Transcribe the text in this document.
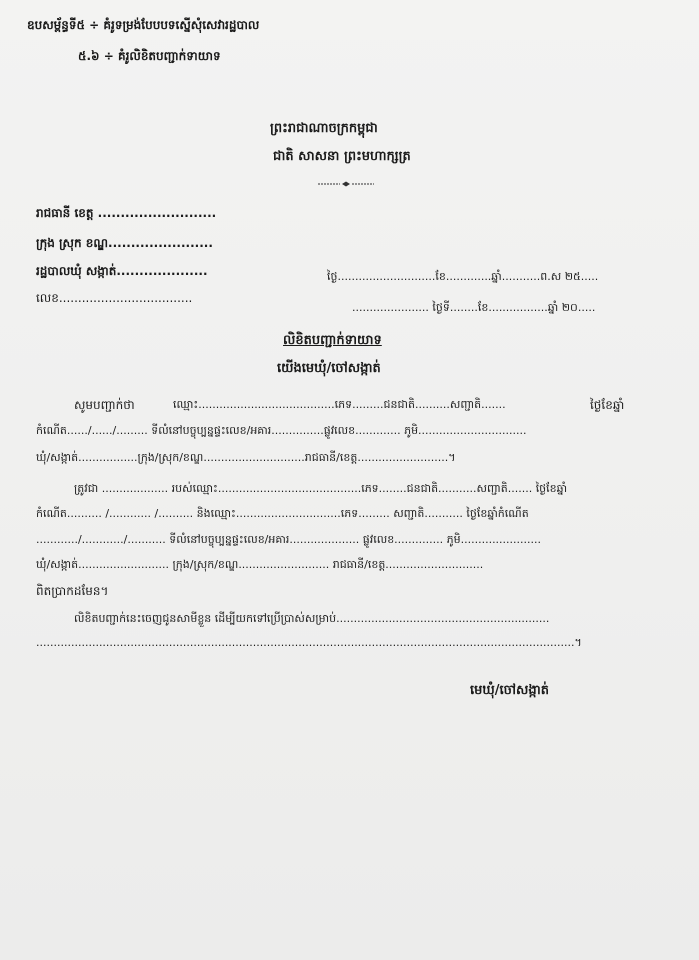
ឧបសម្ព័ន្ធទី៥ ÷ គំរូទម្រង់បែបបទស្នើសុំសេវារដ្ឋបាល
៥.៦ ÷ គំរូលិខិតបញ្ជាក់ទាយាទ
ព្រះរាជាណាចក្រកម្ពុជា
ជាតិ សាសនា ព្រះមហាក្សត្រ
រាជធានី ខេត្ត ..........................
ក្រុង ស្រុក ខណ្ឌ.......................
រដ្ឋបាលឃុំ សង្កាត់....................
លេខ...................................
ថ្ងៃ............................ខែ.............ឆ្នាំ...........ព.ស ២៥.....
...................... ថ្ងៃទី........ខែ.................ឆ្នាំ ២០.....
លិខិតបញ្ជាក់ទាយាទ
យើងមេឃុំ/ចៅសង្កាត់
សូមបញ្ជាក់ថា	ឈ្មោះ.......................................ភេទ.........ជនជាតិ..........សញ្ជាតិ.......	ថ្ងៃខែឆ្នាំ
កំណើត....../....../......... ទីលំនៅបច្ចុប្បន្នផ្ទះលេខ/អគារ...............ផ្លូវលេខ............. ភូមិ...............................
ឃុំ/សង្កាត់.................ក្រុង/ស្រុក/ខណ្ឌ.............................រាជធានី/ខេត្ត..........................។
ត្រូវជា ................... របស់ឈ្មោះ.........................................ភេទ........ជនជាតិ...........សញ្ជាតិ....... ថ្ងៃខែឆ្នាំ
កំណើត.......... /............ /.......... និងឈ្មោះ..............................ភេទ......... សញ្ជាតិ........... ថ្ងៃខែឆ្នាំកំណើត
............/............/........... ទីលំនៅបច្ចុប្បន្នផ្ទះលេខ/អគារ.................... ផ្លូវលេខ.............. ភូមិ.......................
ឃុំ/សង្កាត់.......................... ក្រុង/ស្រុក/ខណ្ឌ.......................... រាជធានី/ខេត្ត............................
ពិតប្រាកដមែន។
លិខិតបញ្ជាក់នេះចេញជូនសាមីខ្លួន ដើម្បីយកទៅប្រើប្រាស់សម្រាប់.............................................................
..........................................................................................................................................................។
មេឃុំ/ចៅសង្កាត់
